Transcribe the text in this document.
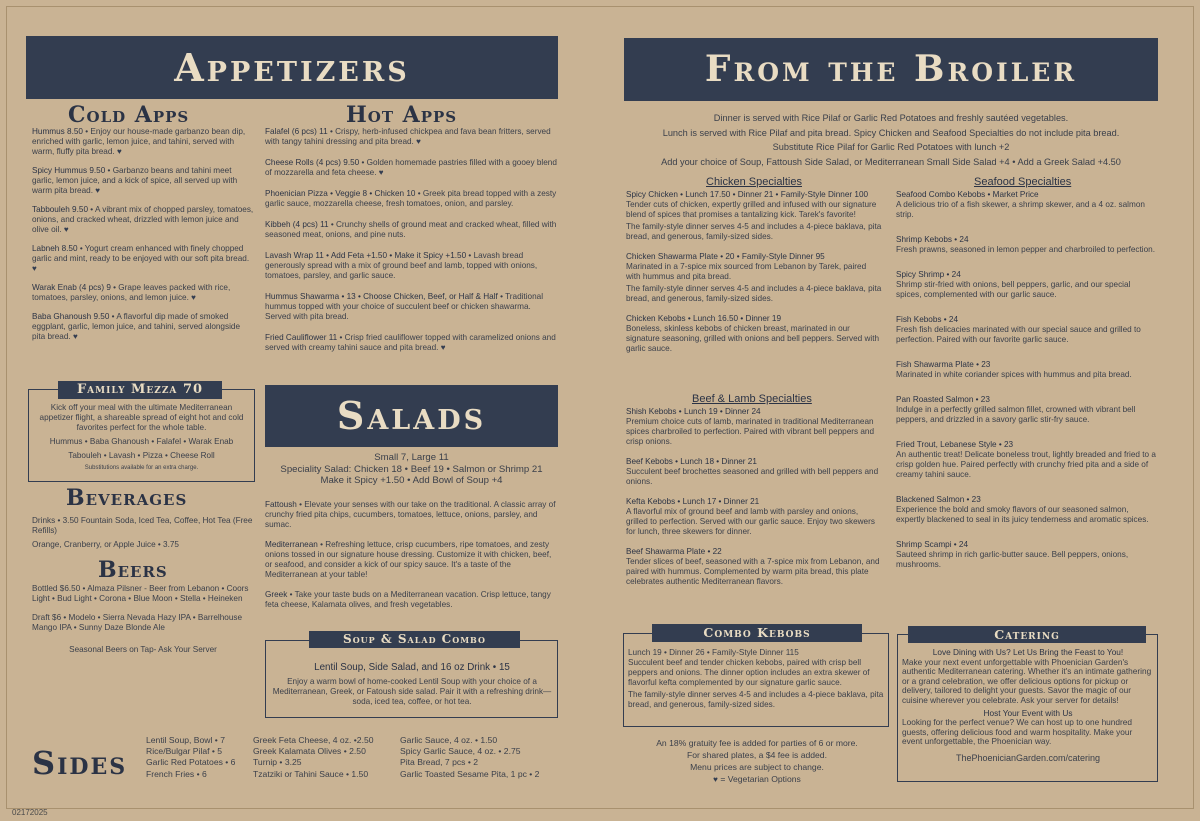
Appetizers
Cold Apps	Hot Apps
Hummus 8.50 • Enjoy our house-made garbanzo bean dip, enriched with garlic, lemon juice, and tahini, served with warm, fluffy pita bread. ♥
Spicy Hummus 9.50 • Garbanzo beans and tahini meet garlic, lemon juice, and a kick of spice, all served up with warm pita bread. ♥
Tabbouleh 9.50 • A vibrant mix of chopped parsley, tomatoes, onions, and cracked wheat, drizzled with lemon juice and olive oil. ♥
Labneh 8.50 • Yogurt cream enhanced with finely chopped garlic and mint, ready to be enjoyed with our soft pita bread. ♥
Warak Enab (4 pcs) 9 • Grape leaves packed with rice, tomatoes, parsley, onions, and lemon juice. ♥
Baba Ghanoush 9.50 • A flavorful dip made of smoked eggplant, garlic, lemon juice, and tahini, served alongside pita bread. ♥
Falafel (6 pcs) 11 • Crispy, herb-infused chickpea and fava bean fritters, served with tangy tahini dressing and pita bread. ♥
Cheese Rolls (4 pcs) 9.50 • Golden homemade pastries filled with a gooey blend of mozzarella and feta cheese. ♥
Phoenician Pizza • Veggie 8 • Chicken 10 • Greek pita bread topped with a zesty garlic sauce, mozzarella cheese, fresh tomatoes, onion, and parsley.
Kibbeh (4 pcs) 11 • Crunchy shells of ground meat and cracked wheat, filled with seasoned meat, onions, and pine nuts.
Lavash Wrap 11 • Add Feta +1.50 • Make it Spicy +1.50 • Lavash bread generously spread with a mix of ground beef and lamb, topped with onions, tomatoes, parsley, and garlic sauce.
Hummus Shawarma • 13 • Choose Chicken, Beef, or Half & Half • Traditional hummus topped with your choice of succulent beef or chicken shawarma. Served with pita bread.
Fried Cauliflower 11 • Crisp fried cauliflower topped with caramelized onions and served with creamy tahini sauce and pita bread. ♥
Family Mezza 70
Kick off your meal with the ultimate Mediterranean appetizer flight, a shareable spread of eight hot and cold favorites perfect for the whole table.
Hummus • Baba Ghanoush • Falafel • Warak Enab
Tabouleh • Lavash • Pizza • Cheese Roll
Substitutions available for an extra charge.
Beverages
Drinks • 3.50 Fountain Soda, Iced Tea, Coffee, Hot Tea (Free Refills)
Orange, Cranberry, or Apple Juice • 3.75
Beers
Bottled $6.50 • Almaza Pilsner - Beer from Lebanon • Coors Light • Bud Light • Corona • Blue Moon • Stella • Heineken
Draft $6 • Modelo • Sierra Nevada Hazy IPA • Barrelhouse Mango IPA • Sunny Daze Blonde Ale
Seasonal Beers on Tap- Ask Your Server
Salads
Small 7, Large 11
Speciality Salad: Chicken 18 • Beef 19 • Salmon or Shrimp 21
Make it Spicy +1.50 • Add Bowl of Soup +4
Fattoush • Elevate your senses with our take on the traditional. A classic array of crunchy fried pita chips, cucumbers, tomatoes, lettuce, onions, parsley, and sumac.
Mediterranean • Refreshing lettuce, crisp cucumbers, ripe tomatoes, and zesty onions tossed in our signature house dressing. Customize it with chicken, beef, or seafood, and consider a kick of our spicy sauce. It's a taste of the Mediterranean at your table!
Greek • Take your taste buds on a Mediterranean vacation. Crisp lettuce, tangy feta cheese, Kalamata olives, and fresh vegetables.
Soup & Salad Combo
Lentil Soup, Side Salad, and 16 oz Drink • 15
Enjoy a warm bowl of home-cooked Lentil Soup with your choice of a Mediterranean, Greek, or Fatoush side salad. Pair it with a refreshing drink—soda, iced tea, coffee, or hot tea.
Sides
Lentil Soup, Bowl • 7
Rice/Bulgar Pilaf • 5
Garlic Red Potatoes • 6
French Fries • 6
Greek Feta Cheese, 4 oz. •2.50
Greek Kalamata Olives • 2.50
Turnip • 3.25
Tzatziki or Tahini Sauce • 1.50
Garlic Sauce, 4 oz. • 1.50
Spicy Garlic Sauce, 4 oz. • 2.75
Pita Bread, 7 pcs • 2
Garlic Toasted Sesame Pita, 1 pc • 2
From the Broiler
Dinner is served with Rice Pilaf or Garlic Red Potatoes and freshly sautéed vegetables.
Lunch is served with Rice Pilaf and pita bread. Spicy Chicken and Seafood Specialties do not include pita bread.
Substitute Rice Pilaf for Garlic Red Potatoes with lunch +2
Add your choice of Soup, Fattoush Side Salad, or Mediterranean Small Side Salad +4 • Add a Greek Salad +4.50
Chicken Specialties
Spicy Chicken • Lunch 17.50 • Dinner 21 • Family-Style Dinner 100
Tender cuts of chicken, expertly grilled and infused with our signature blend of spices that promises a tantalizing kick. Tarek's favorite!
The family-style dinner serves 4-5 and includes a 4-piece baklava, pita bread, and generous, family-sized sides.
Chicken Shawarma Plate • 20 • Family-Style Dinner 95
Marinated in a 7-spice mix sourced from Lebanon by Tarek, paired with hummus and pita bread.
The family-style dinner serves 4-5 and includes a 4-piece baklava, pita bread, and generous, family-sized sides.
Chicken Kebobs • Lunch 16.50 • Dinner 19
Boneless, skinless kebobs of chicken breast, marinated in our signature seasoning, grilled with onions and bell peppers. Served with garlic sauce.
Beef & Lamb Specialties
Shish Kebobs • Lunch 19 • Dinner 24
Premium choice cuts of lamb, marinated in traditional Mediterranean spices charbroiled to perfection. Paired with vibrant bell peppers and crisp onions.
Beef Kebobs • Lunch 18 • Dinner 21
Succulent beef brochettes seasoned and grilled with bell peppers and onions.
Kefta Kebobs • Lunch 17 • Dinner 21
A flavorful mix of ground beef and lamb with parsley and onions, grilled to perfection. Served with our garlic sauce. Enjoy two skewers for lunch, three skewers for dinner.
Beef Shawarma Plate • 22
Tender slices of beef, seasoned with a 7-spice mix from Lebanon, and paired with hummus. Complemented by warm pita bread, this plate celebrates authentic Mediterranean flavors.
Seafood Specialties
Seafood Combo Kebobs • Market Price
A delicious trio of a fish skewer, a shrimp skewer, and a 4 oz. salmon strip.
Shrimp Kebobs • 24
Fresh prawns, seasoned in lemon pepper and charbroiled to perfection.
Spicy Shrimp • 24
Shrimp stir-fried with onions, bell peppers, garlic, and our special spices, complemented with our garlic sauce.
Fish Kebobs • 24
Fresh fish delicacies marinated with our special sauce and grilled to perfection. Paired with our favorite garlic sauce.
Fish Shawarma Plate • 23
Marinated in white coriander spices with hummus and pita bread.
Pan Roasted Salmon • 23
Indulge in a perfectly grilled salmon fillet, crowned with vibrant bell peppers, and drizzled in a savory garlic stir-fry sauce.
Fried Trout, Lebanese Style • 23
An authentic treat! Delicate boneless trout, lightly breaded and fried to a crisp golden hue. Paired perfectly with crunchy fried pita and a side of creamy tahini sauce.
Blackened Salmon • 23
Experience the bold and smoky flavors of our seasoned salmon, expertly blackened to seal in its juicy tenderness and aromatic spices.
Shrimp Scampi • 24
Sauteed shrimp in rich garlic-butter sauce. Bell peppers, onions, mushrooms.
Combo Kebobs
Lunch 19 • Dinner 26 • Family-Style Dinner 115
Succulent beef and tender chicken kebobs, paired with crisp bell peppers and onions. The dinner option includes an extra skewer of flavorful kefta complemented by our signature garlic sauce.
The family-style dinner serves 4-5 and includes a 4-piece baklava, pita bread, and generous, family-sized sides.
An 18% gratuity fee is added for parties of 6 or more.
For shared plates, a $4 fee is added.
Menu prices are subject to change.
♥ = Vegetarian Options
Catering
Love Dining with Us? Let Us Bring the Feast to You!
Make your next event unforgettable with Phoenician Garden's authentic Mediterranean catering. Whether it's an intimate gathering or a grand celebration, we offer delicious options for pickup or delivery, tailored to delight your guests. Savor the magic of our cuisine wherever you celebrate. Ask your server for details!
Host Your Event with Us
Looking for the perfect venue? We can host up to one hundred guests, offering delicious food and warm hospitality. Make your event unforgettable, the Phoenician way.
ThePhoenicianGarden.com/catering
02172025
